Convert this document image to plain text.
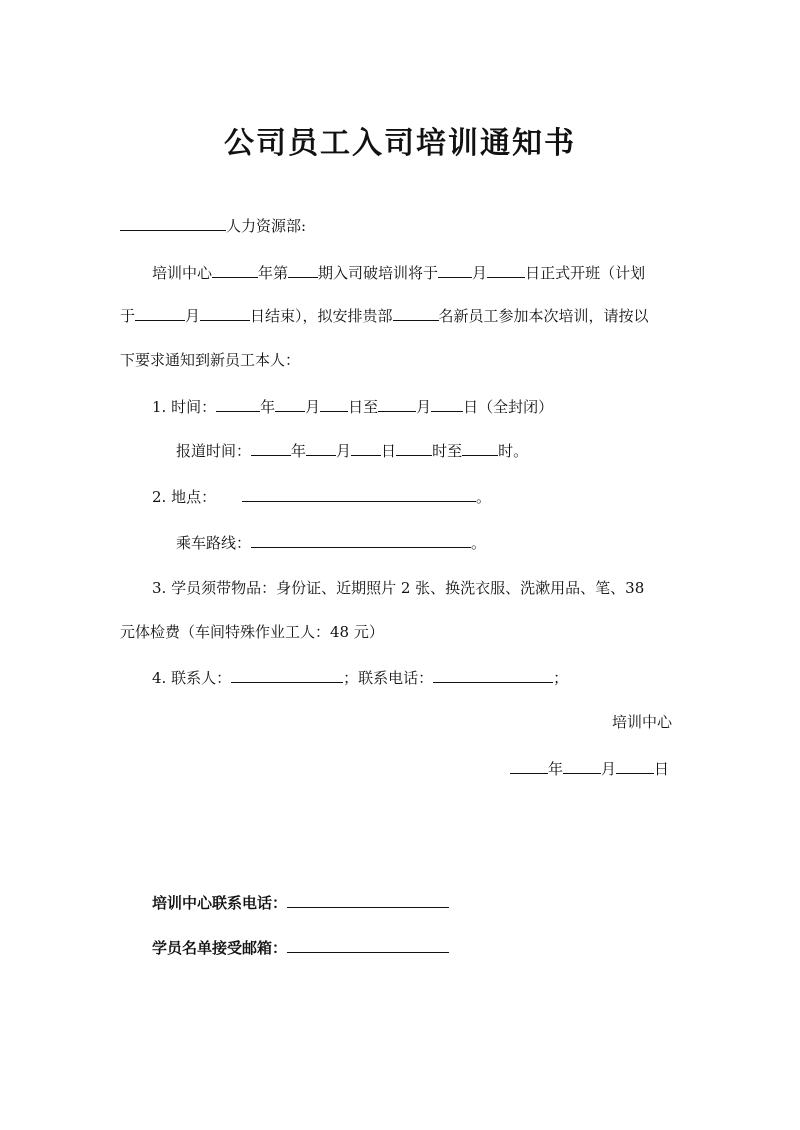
公司员工入司培训通知书
人力资源部:
培训中心	年第 期入司破培训将于 月	日正式开班（计划
于	月	日结束），拟安排贵部	名新员工参加本次培训，请按以
下要求通知到新员工本人：
1. 时间：	年 月 日至	月 日（全封闭）
报道时间：	年 月 日 时至 时。
2. 地点：	。
乘车路线：	。
3. 学员须带物品：身份证、近期照片 2 张、换洗衣服、洗漱用品、笔、38
元体检费（车间特殊作业工人：48 元）
4. 联系人：	；联系电话：	；
培训中心
年	月	日
培训中心联系电话：
学员名单接受邮箱：
